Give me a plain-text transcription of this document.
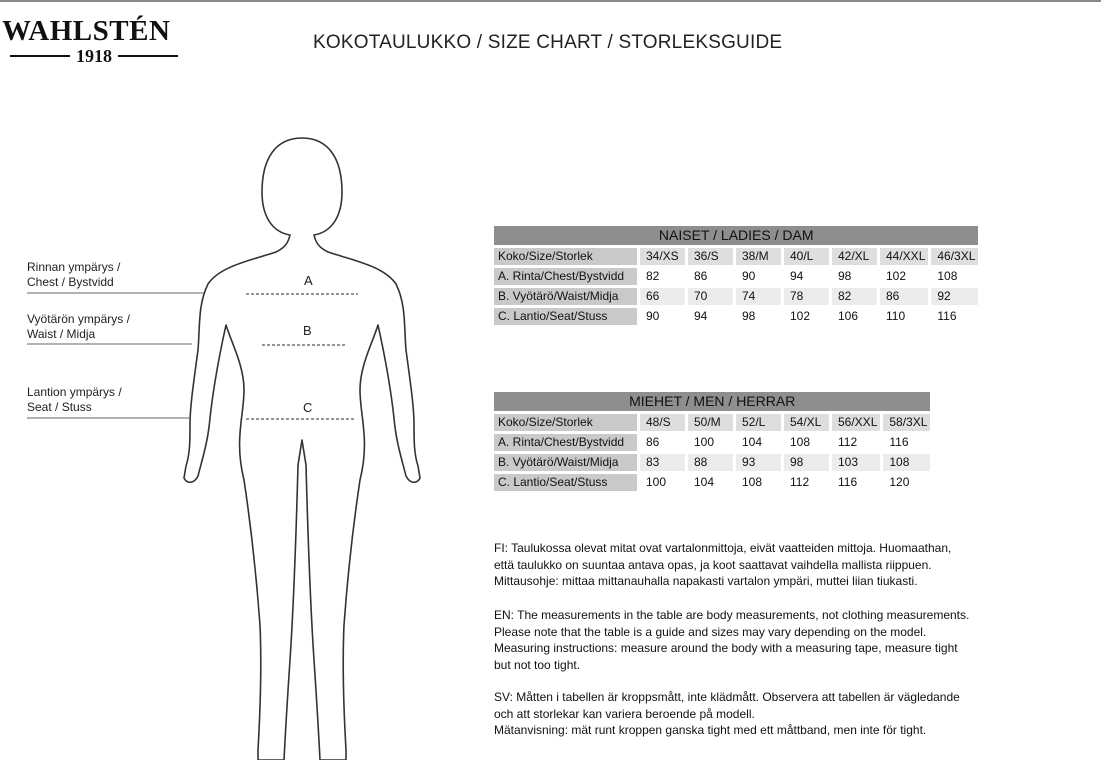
WAHLSTÉN
1918
KOKOTAULUKKO / SIZE CHART / STORLEKSGUIDE
A
B
C
Rinnan ympärys /
Chest / Bystvidd
Vyötärön ympärys /
Waist / Midja
Lantion ympärys /
Seat / Stuss
NAISET / LADIES / DAM							
Koko/Size/Storlek	34/XS	36/S	38/M	40/L	42/XL	44/XXL	46/3XL
A. Rinta/Chest/Bystvidd	82	86	90	94	98	102	108
B. Vyötärö/Waist/Midja	66	70	74	78	82	86	92
C. Lantio/Seat/Stuss	90	94	98	102	106	110	116
MIEHET / MEN / HERRAR						
Koko/Size/Storlek	48/S	50/M	52/L	54/XL	56/XXL	58/3XL
A. Rinta/Chest/Bystvidd	86	100	104	108	112	116
B. Vyötärö/Waist/Midja	83	88	93	98	103	108
C. Lantio/Seat/Stuss	100	104	108	112	116	120

FI: Taulukossa olevat mitat ovat vartalonmittoja, eivät vaatteiden mittoja. Huomaathan,

että taulukko on suuntaa antava opas, ja koot saattavat vaihdella mallista riippuen.

Mittausohje: mittaa mittanauhalla napakasti vartalon ympäri, muttei liian tiukasti.

EN: The measurements in the table are body measurements, not clothing measurements.

Please note that the table is a guide and sizes may vary depending on the model.

Measuring instructions: measure around the body with a measuring tape, measure tight

but not too tight.

SV: Måtten i tabellen är kroppsmått, inte klädmått. Observera att tabellen är vägledande

och att storlekar kan variera beroende på modell.

Mätanvisning: mät runt kroppen ganska tight med ett måttband, men inte för tight.
